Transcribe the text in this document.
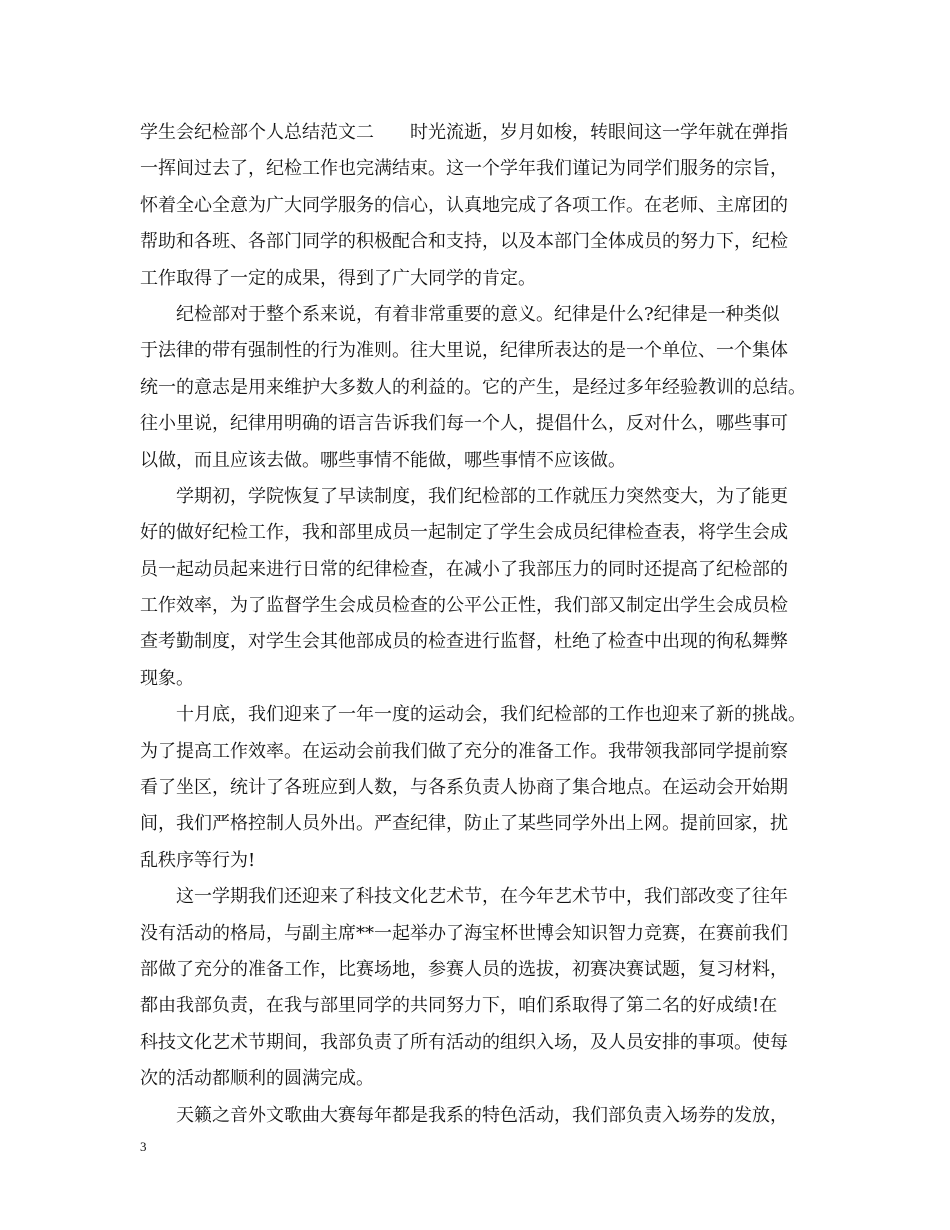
学生会纪检部个人总结范文二　　时光流逝，岁月如梭，转眼间这一学年就在弹指
一挥间过去了，纪检工作也完满结束。这一个学年我们谨记为同学们服务的宗旨，
怀着全心全意为广大同学服务的信心，认真地完成了各项工作。在老师、主席团的
帮助和各班、各部门同学的积极配合和支持，以及本部门全体成员的努力下，纪检
工作取得了一定的成果，得到了广大同学的肯定。
　　纪检部对于整个系来说，有着非常重要的意义。纪律是什么?纪律是一种类似
于法律的带有强制性的行为准则。往大里说，纪律所表达的是一个单位、一个集体
统一的意志是用来维护大多数人的利益的。它的产生，是经过多年经验教训的总结。
往小里说，纪律用明确的语言告诉我们每一个人，提倡什么，反对什么，哪些事可
以做，而且应该去做。哪些事情不能做，哪些事情不应该做。
　　学期初，学院恢复了早读制度，我们纪检部的工作就压力突然变大，为了能更
好的做好纪检工作，我和部里成员一起制定了学生会成员纪律检查表，将学生会成
员一起动员起来进行日常的纪律检查，在减小了我部压力的同时还提高了纪检部的
工作效率，为了监督学生会成员检查的公平公正性，我们部又制定出学生会成员检
查考勤制度，对学生会其他部成员的检查进行监督，杜绝了检查中出现的徇私舞弊
现象。
　　十月底，我们迎来了一年一度的运动会，我们纪检部的工作也迎来了新的挑战。
为了提高工作效率。在运动会前我们做了充分的准备工作。我带领我部同学提前察
看了坐区，统计了各班应到人数，与各系负责人协商了集合地点。在运动会开始期
间，我们严格控制人员外出。严查纪律，防止了某些同学外出上网。提前回家，扰
乱秩序等行为!
　　这一学期我们还迎来了科技文化艺术节，在今年艺术节中，我们部改变了往年
没有活动的格局，与副主席**一起举办了海宝杯世博会知识智力竞赛，在赛前我们
部做了充分的准备工作，比赛场地，参赛人员的选拔，初赛决赛试题，复习材料，
都由我部负责，在我与部里同学的共同努力下，咱们系取得了第二名的好成绩!在
科技文化艺术节期间，我部负责了所有活动的组织入场，及人员安排的事项。使每
次的活动都顺利的圆满完成。
　　天籁之音外文歌曲大赛每年都是我系的特色活动，我们部负责入场券的发放，
3
